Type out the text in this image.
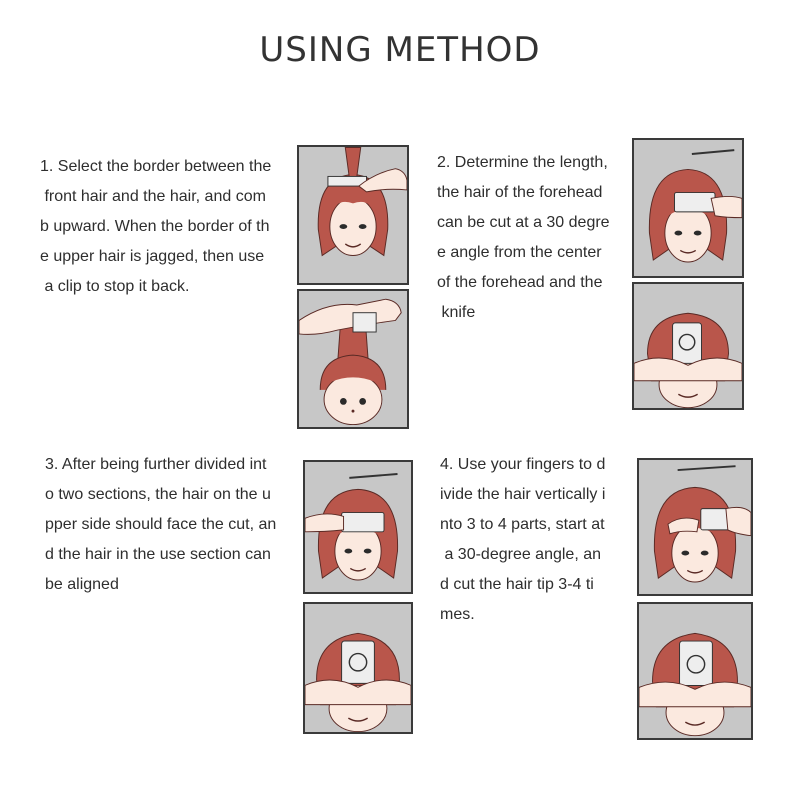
USING METHOD
1. Select the border between the
front hair and the hair, and com
b upward. When the border of th
e upper hair is jagged, then use
a clip to stop it back.
2. Determine the length,
the hair of the forehead
can be cut at a 30 degre
e angle from the center
of the forehead and the
knife
3. After being further divided int
o two sections, the hair on the u
pper side should face the cut, an
d the hair in the use section can
be aligned
4. Use your fingers to d
ivide the hair vertically i
nto 3 to 4 parts, start at
a 30-degree angle, an
d cut the hair tip 3-4 ti
mes.
